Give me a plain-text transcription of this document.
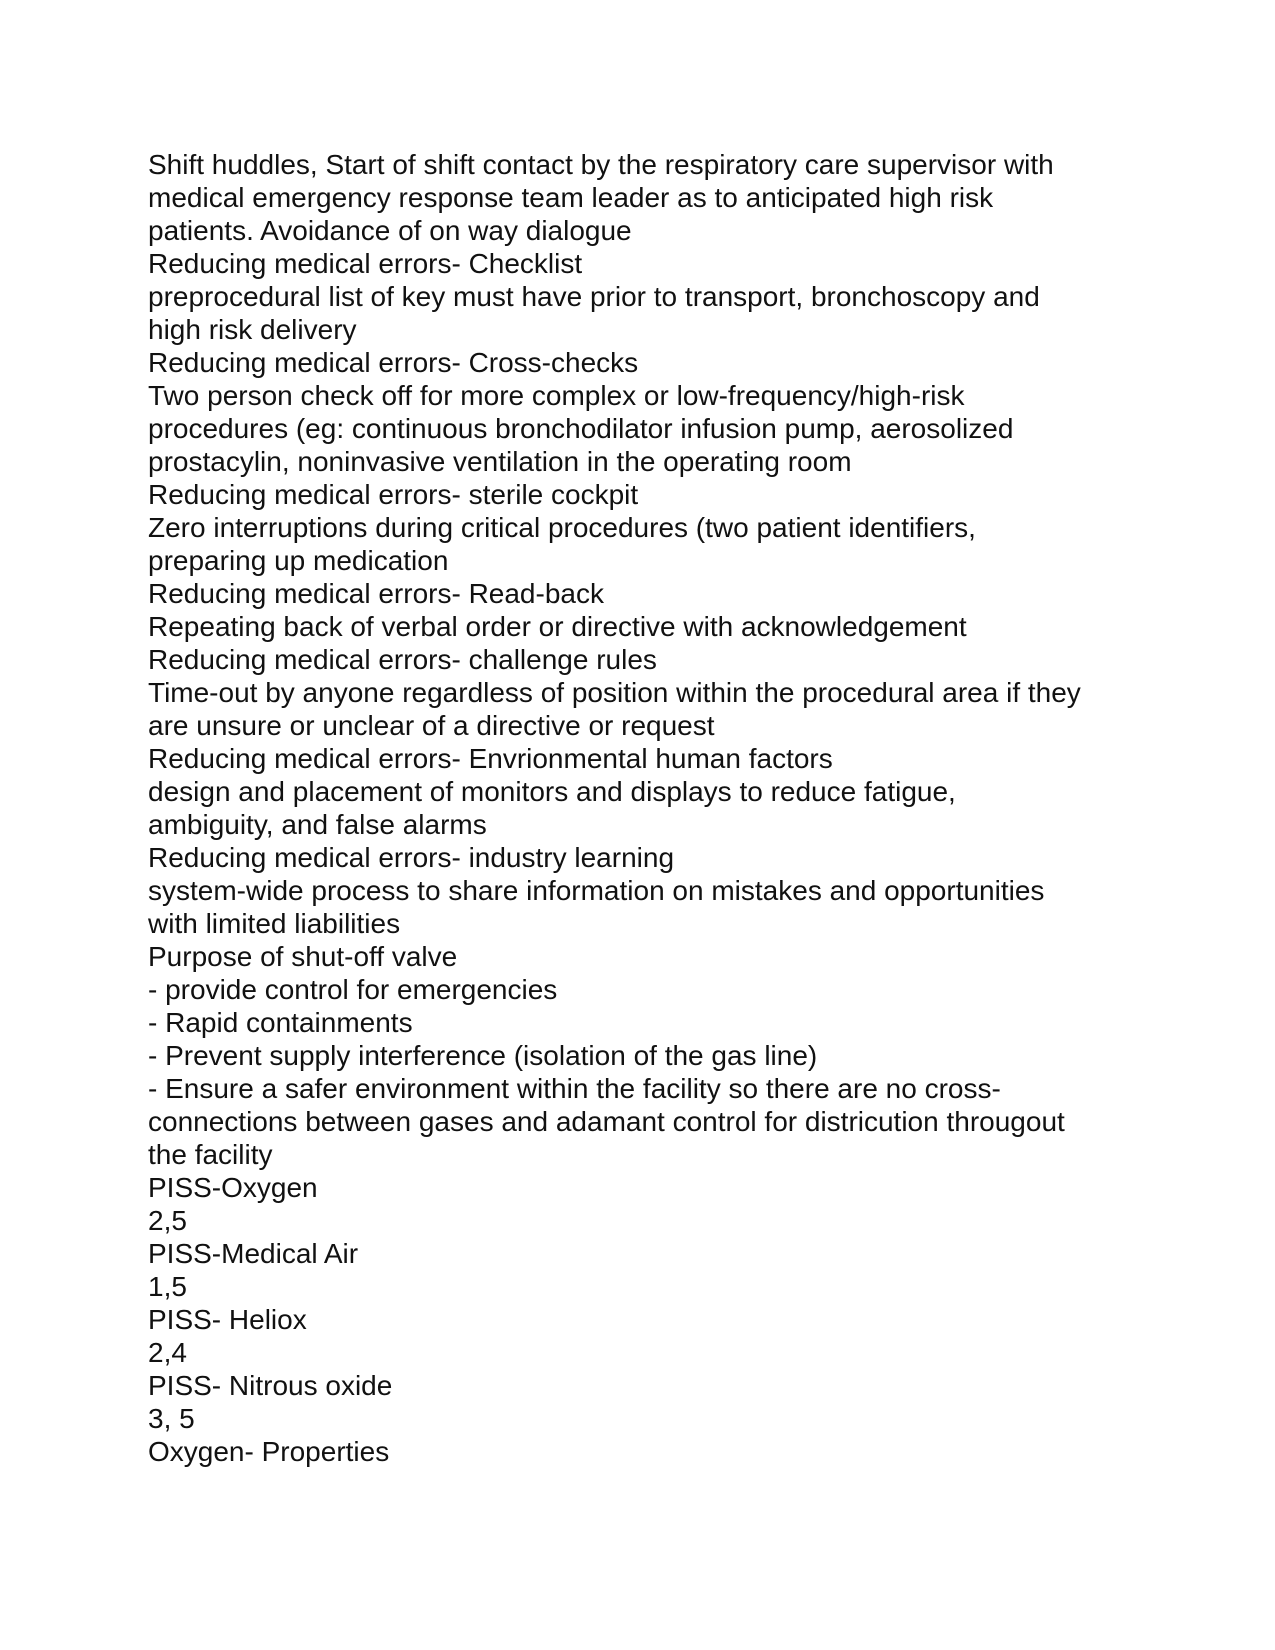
Shift huddles, Start of shift contact by the respiratory care supervisor with
medical emergency response team leader as to anticipated high risk
patients. Avoidance of on way dialogue
Reducing medical errors- Checklist
preprocedural list of key must have prior to transport, bronchoscopy and
high risk delivery
Reducing medical errors- Cross-checks
Two person check off for more complex or low-frequency/high-risk
procedures (eg: continuous bronchodilator infusion pump, aerosolized
prostacylin, noninvasive ventilation in the operating room
Reducing medical errors- sterile cockpit
Zero interruptions during critical procedures (two patient identifiers,
preparing up medication
Reducing medical errors- Read-back
Repeating back of verbal order or directive with acknowledgement
Reducing medical errors- challenge rules
Time-out by anyone regardless of position within the procedural area if they
are unsure or unclear of a directive or request
Reducing medical errors- Envrionmental human factors
design and placement of monitors and displays to reduce fatigue,
ambiguity, and false alarms
Reducing medical errors- industry learning
system-wide process to share information on mistakes and opportunities
with limited liabilities
Purpose of shut-off valve
- provide control for emergencies
- Rapid containments
- Prevent supply interference (isolation of the gas line)
- Ensure a safer environment within the facility so there are no cross-
connections between gases and adamant control for districution througout
the facility
PISS-Oxygen
2,5
PISS-Medical Air
1,5
PISS- Heliox
2,4
PISS- Nitrous oxide
3, 5
Oxygen- Properties
